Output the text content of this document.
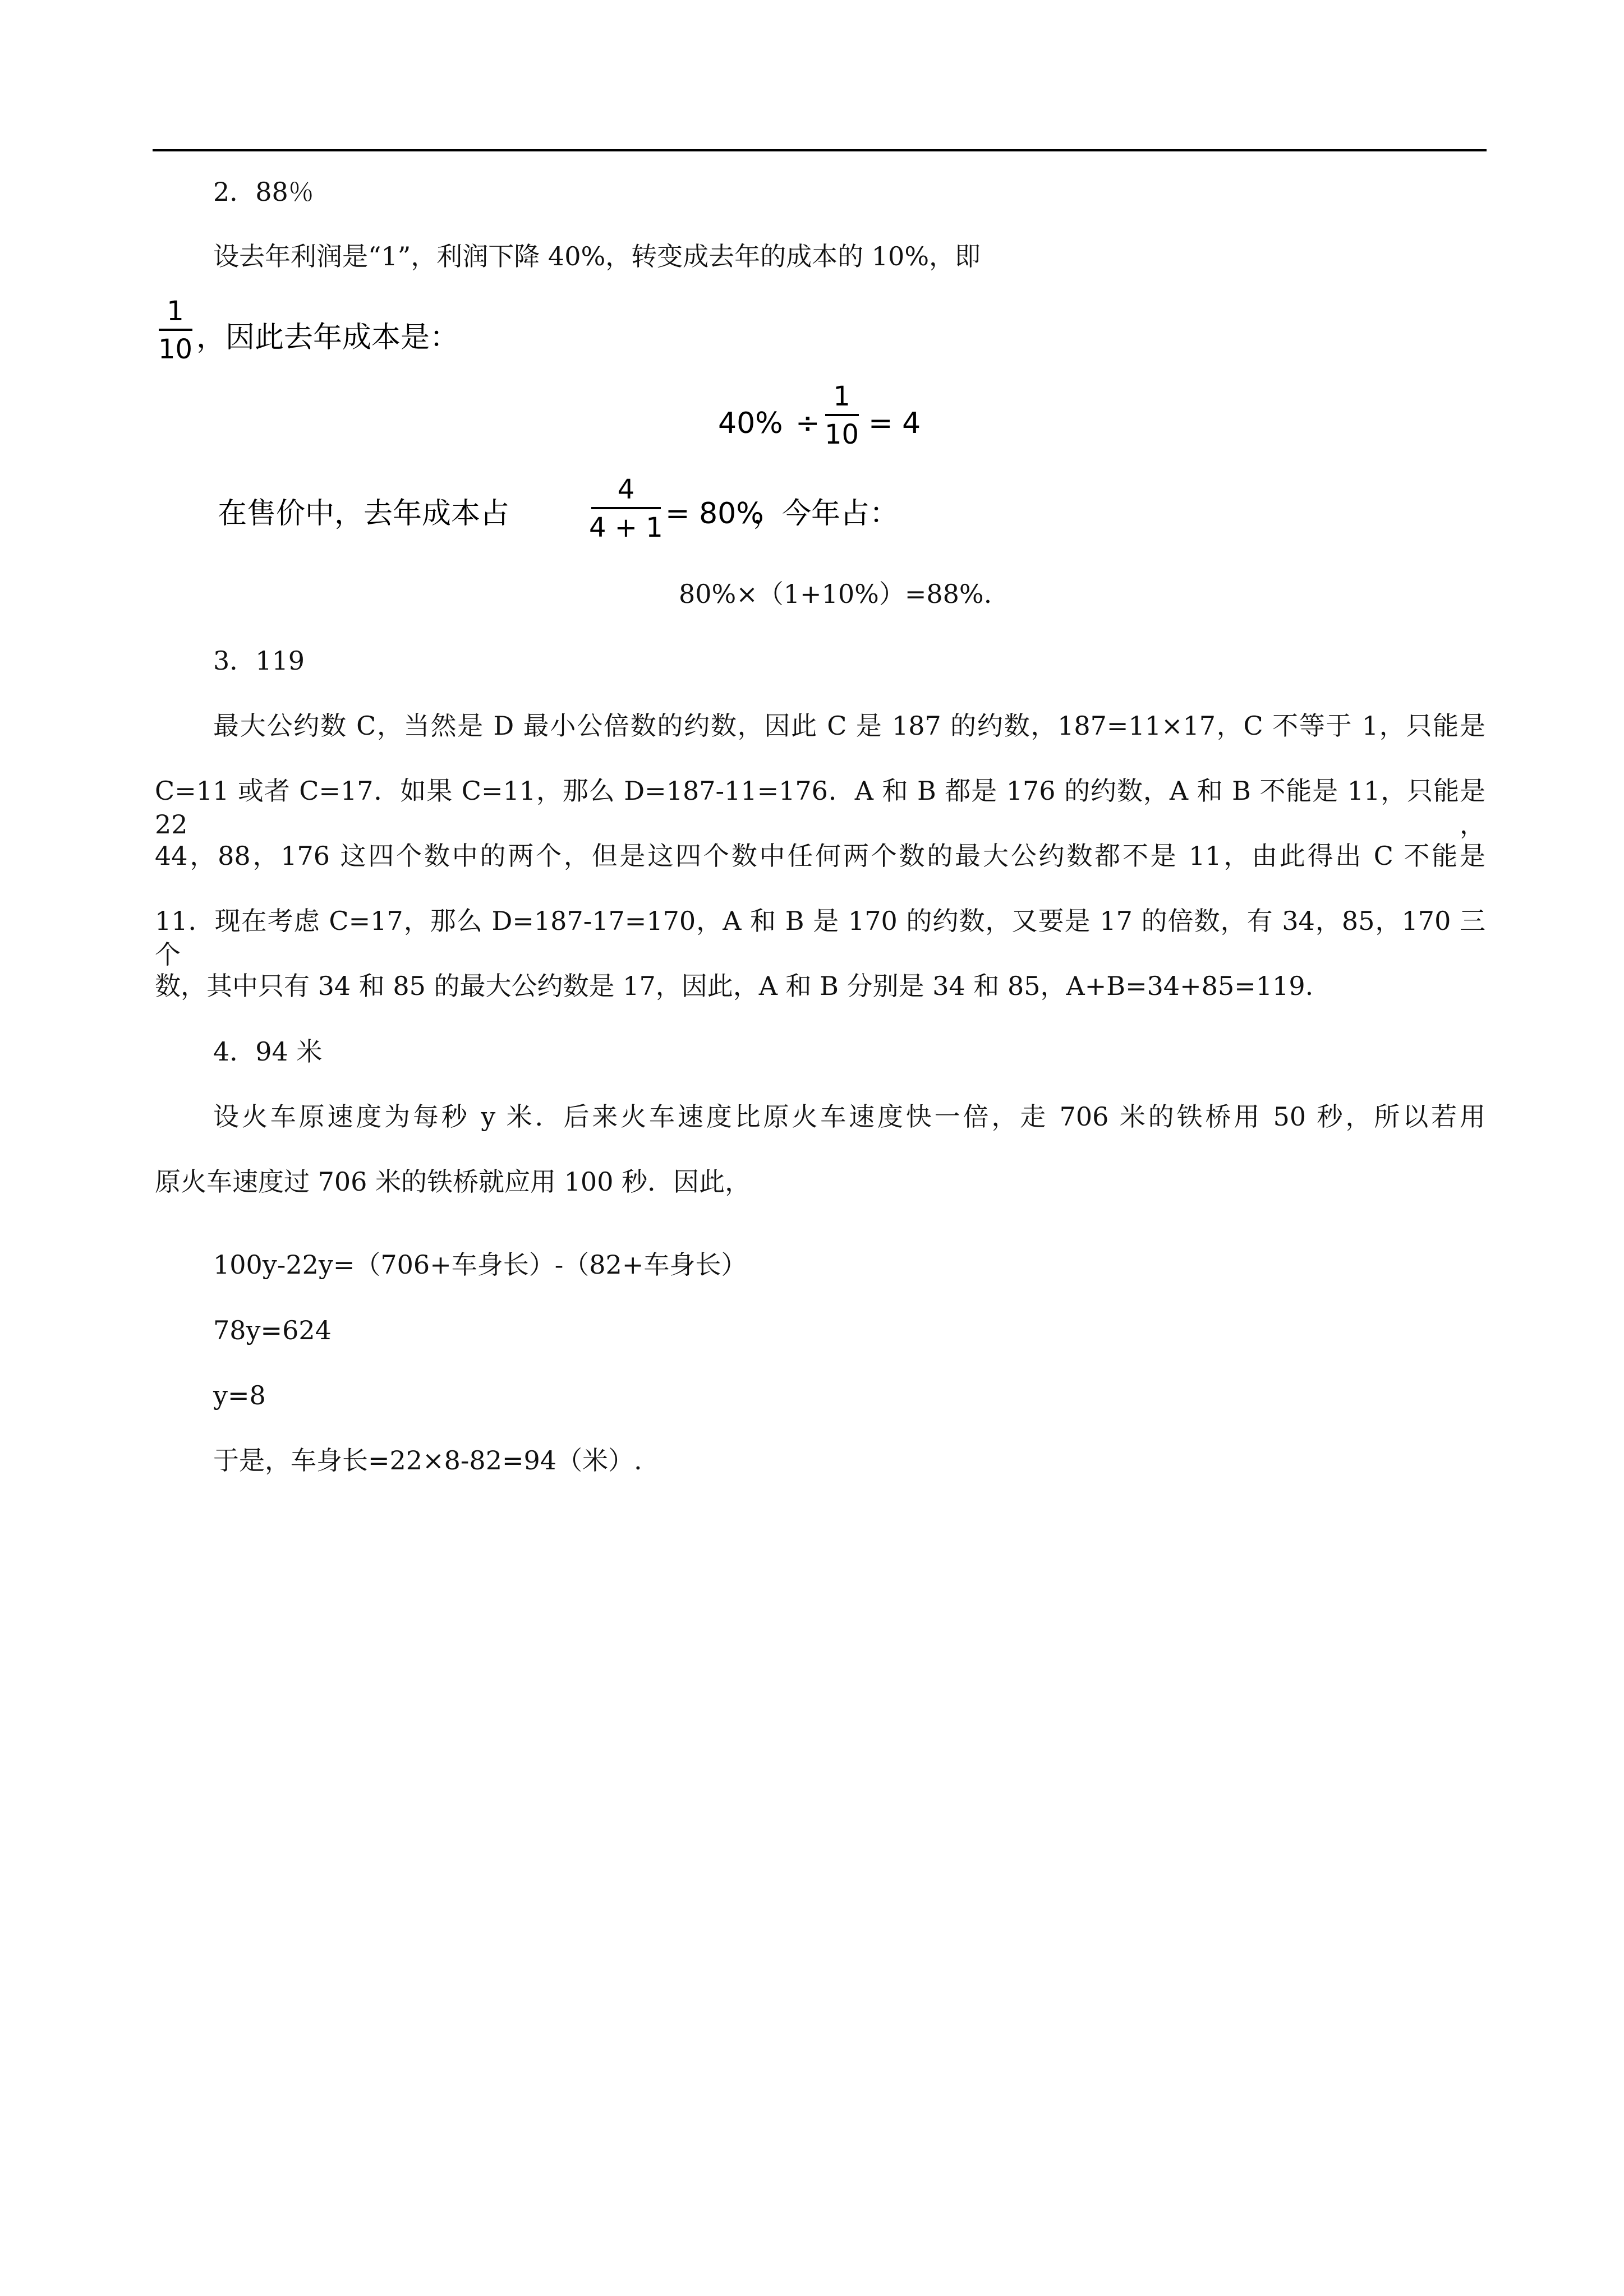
2．88％
设去年利润是“1”，利润下降 40%，转变成去年的成本的 10%，即
1
10 ，因此去年成本是：
40% ÷
1
10 = 4
在售价中，去年成本占
4
4 + 1 = 80%
，今年占：
80%×（1+10%）=88%.
3．119
最大公约数 C，当然是 D 最小公倍数的约数，因此 C 是 187 的约数，187=11×17，C 不等于 1，只能是
C=11 或者 C=17．如果 C=11，那么 D=187-11=176．A 和 B 都是 176 的约数，A 和 B 不能是 11，只能是 22，
44，88，176 这四个数中的两个，但是这四个数中任何两个数的最大公约数都不是 11，由此得出 C 不能是
11．现在考虑 C=17，那么 D=187-17=170，A 和 B 是 170 的约数，又要是 17 的倍数，有 34，85，170 三个
数，其中只有 34 和 85 的最大公约数是 17，因此，A 和 B 分别是 34 和 85，A+B=34+85=119.
4．94 米
设火车原速度为每秒 y 米．后来火车速度比原火车速度快一倍，走 706 米的铁桥用 50 秒，所以若用
原火车速度过 706 米的铁桥就应用 100 秒．因此，
100y-22y=（706+车身长）-（82+车身长）
78y=624
y=8
于是，车身长=22×8-82=94（米）.
